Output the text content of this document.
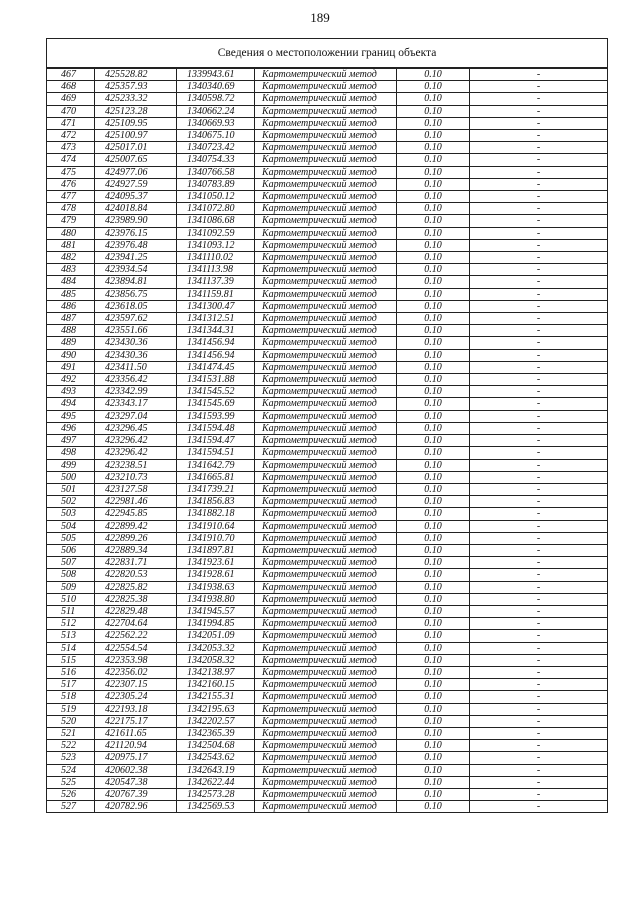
189
Сведения о местоположении границ объекта					
467	425528.82	1339943.61	Картометрический метод	0.10	-
468	425357.93	1340340.69	Картометрический метод	0.10	-
469	425233.32	1340598.72	Картометрический метод	0.10	-
470	425123.28	1340662.24	Картометрический метод	0.10	-
471	425109.95	1340669.93	Картометрический метод	0.10	-
472	425100.97	1340675.10	Картометрический метод	0.10	-
473	425017.01	1340723.42	Картометрический метод	0.10	-
474	425007.65	1340754.33	Картометрический метод	0.10	-
475	424977.06	1340766.58	Картометрический метод	0.10	-
476	424927.59	1340783.89	Картометрический метод	0.10	-
477	424095.37	1341050.12	Картометрический метод	0.10	-
478	424018.84	1341072.80	Картометрический метод	0.10	-
479	423989.90	1341086.68	Картометрический метод	0.10	-
480	423976.15	1341092.59	Картометрический метод	0.10	-
481	423976.48	1341093.12	Картометрический метод	0.10	-
482	423941.25	1341110.02	Картометрический метод	0.10	-
483	423934.54	1341113.98	Картометрический метод	0.10	-
484	423894.81	1341137.39	Картометрический метод	0.10	-
485	423856.75	1341159.81	Картометрический метод	0.10	-
486	423618.05	1341300.47	Картометрический метод	0.10	-
487	423597.62	1341312.51	Картометрический метод	0.10	-
488	423551.66	1341344.31	Картометрический метод	0.10	-
489	423430.36	1341456.94	Картометрический метод	0.10	-
490	423430.36	1341456.94	Картометрический метод	0.10	-
491	423411.50	1341474.45	Картометрический метод	0.10	-
492	423356.42	1341531.88	Картометрический метод	0.10	-
493	423342.99	1341545.52	Картометрический метод	0.10	-
494	423343.17	1341545.69	Картометрический метод	0.10	-
495	423297.04	1341593.99	Картометрический метод	0.10	-
496	423296.45	1341594.48	Картометрический метод	0.10	-
497	423296.42	1341594.47	Картометрический метод	0.10	-
498	423296.42	1341594.51	Картометрический метод	0.10	-
499	423238.51	1341642.79	Картометрический метод	0.10	-
500	423210.73	1341665.81	Картометрический метод	0.10	-
501	423127.58	1341739.21	Картометрический метод	0.10	-
502	422981.46	1341856.83	Картометрический метод	0.10	-
503	422945.85	1341882.18	Картометрический метод	0.10	-
504	422899.42	1341910.64	Картометрический метод	0.10	-
505	422899.26	1341910.70	Картометрический метод	0.10	-
506	422889.34	1341897.81	Картометрический метод	0.10	-
507	422831.71	1341923.61	Картометрический метод	0.10	-
508	422820.53	1341928.61	Картометрический метод	0.10	-
509	422825.82	1341938.63	Картометрический метод	0.10	-
510	422825.38	1341938.80	Картометрический метод	0.10	-
511	422829.48	1341945.57	Картометрический метод	0.10	-
512	422704.64	1341994.85	Картометрический метод	0.10	-
513	422562.22	1342051.09	Картометрический метод	0.10	-
514	422554.54	1342053.32	Картометрический метод	0.10	-
515	422353.98	1342058.32	Картометрический метод	0.10	-
516	422356.02	1342138.97	Картометрический метод	0.10	-
517	422307.15	1342160.15	Картометрический метод	0.10	-
518	422305.24	1342155.31	Картометрический метод	0.10	-
519	422193.18	1342195.63	Картометрический метод	0.10	-
520	422175.17	1342202.57	Картометрический метод	0.10	-
521	421611.65	1342365.39	Картометрический метод	0.10	-
522	421120.94	1342504.68	Картометрический метод	0.10	-
523	420975.17	1342543.62	Картометрический метод	0.10	-
524	420602.38	1342643.19	Картометрический метод	0.10	-
525	420547.38	1342622.44	Картометрический метод	0.10	-
526	420767.39	1342573.28	Картометрический метод	0.10	-
527	420782.96	1342569.53	Картометрический метод	0.10	-
